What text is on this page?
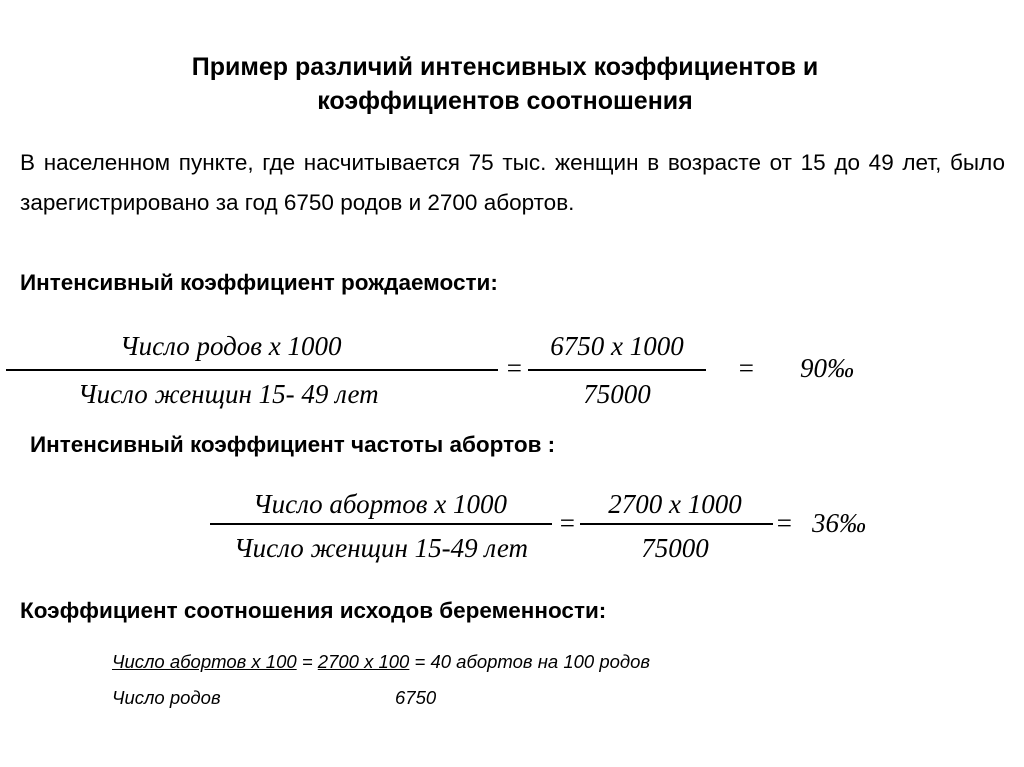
Пример различий интенсивных коэффициентов и
коэффициентов соотношения
В населенном пункте, где насчитывается 75 тыс. женщин в возрасте от 15 до 49 лет, было зарегистрировано за год 6750 родов и 2700 абортов.
Интенсивный коэффициент рождаемости:
Число родов х 1000
Число женщин 15- 49 лет
=
6750 х 1000
75000
= 90‰
Интенсивный коэффициент частоты абортов :
Число абортов х 1000
Число женщин 15-49 лет
=
2700 х 1000
75000
= 36‰
Коэффициент соотношения исходов беременности:
Число абортов х 100 = 2700 х 100 = 40 абортов на 100 родов
Число родов	6750
